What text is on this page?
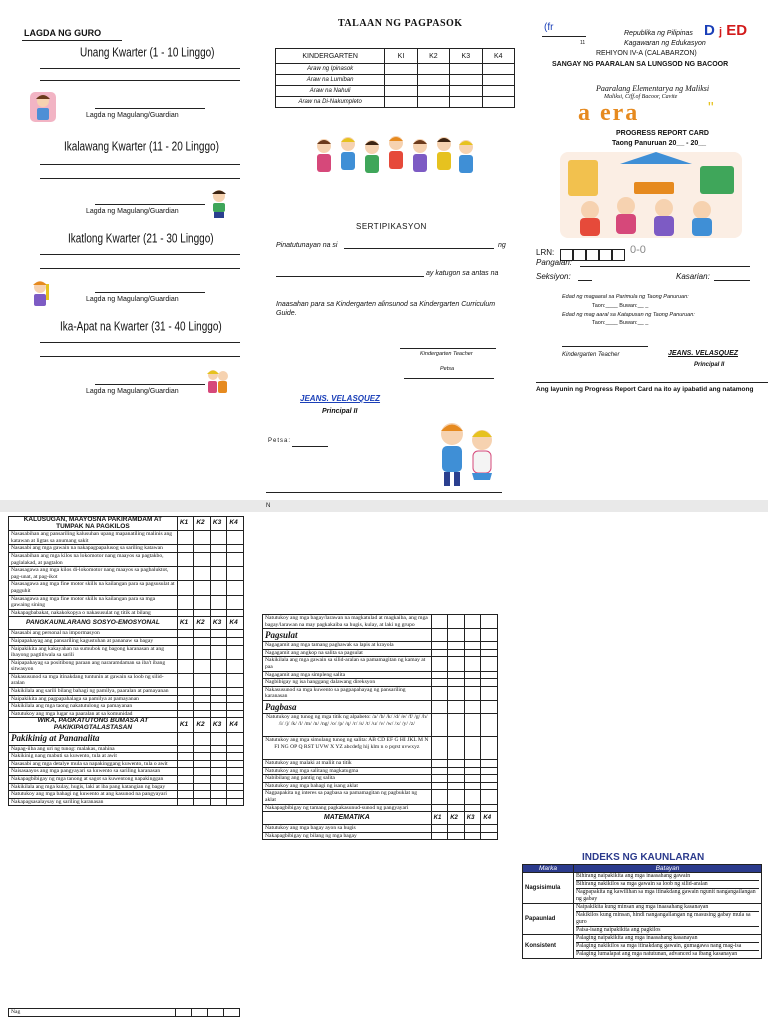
LAGDA NG GURO
Unang Kwarter (1 - 10 Linggo)
Lagda ng Magulang/Guardian
Ikalawang Kwarter (11 - 20 Linggo)
Lagda ng Magulang/Guardian
Ikatlong Kwarter (21 - 30 Linggo)
Lagda ng Magulang/Guardian
Ika-Apat na Kwarter (31 - 40 Linggo)
Lagda ng Magulang/Guardian
TALAAN NG PAGPASOK
KINDERGARTEN	KI	K2	K3	K4
Araw ng Ipinasok				
Araw na Lumiban				
Araw na Nahuli				
Araw na Di-Nakumpleto				
SERTIPIKASYON
Pinatutunayan na si	ng
ay katugon sa antas na
Inaasahan para sa Kindergarten alinsunod sa Kindergarten Curriculum Guide.
Kindergarten Teacher
Petsa
JEANS. VELASQUEZ
Principal II
Petsa:
N
(fr
11
Republika ng Pilipinas
Kagawaran ng Edukasyon
REHIYON IV-A (CALABARZON)
SANGAY NG PAARALAN SA LUNGSOD NG BACOOR
D j ED
Paaralang Elementarya ng Maliksi
Maliksi, Ciff.of Bacoor, Cavite
a era	"
PROGRESS REPORT CARD
Taong Panuruan 20__ - 20__
LRN:	0-0
Pangalan:
Seksiyon:	Kasarian:
Edad ng magaaral sa Parimula ng Taong Panuruan:
Taon:____ Buwan:__ _
Edad ng mag aaral sa Katapusan ng Taong Panuruan:
Taon:____ Buwan:__ _
Kindergarten Teacher	JEANS. VELASQUEZ
Principal II
Ang layunin ng Progress Report Card na ito ay ipabatid ang natamong
KALUSUGAN, MAAYOSNA PAKIRAMDAM AT TUMPAK NA PAGKILOS	K1	K2	K3	K4
Nasasabihan ang pansariling kalusuhan upang mapanatiling malinis ang katawan at ligtas sa anumang sakit				
Nasasabi ang mga gawain na nakapagpapalusog sa sariling katawan				
Nasasabihan ang mga kilos na lokomotor nang maayos sa pagtakbo, paglalakad, at pagtalon				
Nasasagawa ang mga kilos di-lokomotor nang maayos sa pagbaluktot, pag-unat, at pag-ikot				
Nasasagawa ang mga fine motor skills na kailangan para sa pagsusulat at pagguhit				
Nasasagawa ang mga fine motor skills na kailangan para sa mga gawaing sining				
Nakapagbabakat, nakakokopya o nakasusulat ng titik at bilang				
PANGKAUNLARANG SOSYO-EMOSYONAL	K1	K2	K3	K4
Nasasabi ang personal na impormasyon				
Naipapahayag ang pansariling kagustuhan at pananaw sa bagay				
Naipakikita ang kakayahan na sumubok ng bagong karanasan at ang ibayong pagtitiwala sa sarili				
Naipapahayag sa positibong paraan ang nararamdaman sa iba't ibang sitwasyon				
Nakasusunod sa mga itinakdang tuntunin at gawain sa loob ng silid-aralan				
Nakikilala ang sarili bilang bahagi ng pamilya, paaralan at pamayanan				
Naipakikita ang pagpapahalaga sa pamilya at pamayanan				
Nakikilala ang mga taong nakatutulong sa pamayanan				
Natutukoy ang mga lugar sa paaralan at sa komunidad				
WIKA, PAGKATUTONG BUMASA AT PAKIKIPAGTALASTASAN	K1	K2	K3	K4
Pakikinig at Pananalita				
Napag-iiba ang uri ng tunog: malakas, mahina				
Nakikinig nang mabuti sa kuwento, tula at awit				
Nasasabi ang mga detalye mula sa napakinggang kuwento, tula o awit				
Naisasaayos ang mga pangyayari sa kuwento sa sariling karanasan				
Nakapagbibigay ng mga tanong at sagot sa kuwentong napakinggan				
Nakikilala ang mga kulay, hugis, laki at iba pang katangian ng bagay				
Natutukoy ang mga bahagi ng kuwento at ang kasunod na pangyayari				
Nakapagsasalaysay ng sariling karanasan				
Nag				
Natutukoy ang mga bagay/larawan na magkatulad at magkaiba, ang mga bagay/larawan na may pagkakaiba sa hugis, kulay, at laki ng grupo				
Pagsulat				
Nagagamit ang mga tamang paghawak sa lapis at krayola				
Nagagamit ang angkop na salita sa pagsulat				
Nakikilala ang mga gawain sa silid-aralan sa pamamagitan ng kamay at paa				
Nagagamit ang mga simpleng salita				
Nagbibigay ng isa hanggang dalawang direksyon				
Nakasusunod sa mga kuwento sa pagpapahayag ng pansariling karanasan				
Pagbasa				
Natutukoy ang tunog ng mga titik ng alpabeto: /a/ /b/ /k/ /d/ /e/ /f/ /g/ /h/ /i/ /j/ /k/ /l/ /m/ /n/ /ng/ /o/ /p/ /q/ /r/ /s/ /t/ /u/ /v/ /w/ /x/ /y/ /z/				
Natutukoy ang mga simulang tunog ng salita: AB CD EF G HI JKL M N FI NG OP Q RST UVW X YZ abcdefg hij klm n o pqrst uvwxyz				
Natutukoy ang malaki at maliit na titik				
Natutukoy ang mga salitang magkatugma				
Nabibilang ang pantig ng salita				
Natutukoy ang mga bahagi ng isang aklat				
Nagpapakita ng interes sa pagbasa sa pamamagitan ng pagbuklat ng aklat				
Nakapagbibigay ng tamang pagkakasunud-sunod ng pangyayari				
MATEMATIKA	K1	K2	K3	K4
Natutukoy ang mga bagay ayon sa hugis				
Nakapagbibigay ng bilang ng mga bagay				
INDEKS NG KAUNLARAN
Marka	Batayan
Nagsisimula	Bihirang naipakikita ang mga inaasahang gawain
Bihirang nakikilos sa mga gawain sa loob ng silid-aralan
Nagpapakita ng kawilihan sa mga itinakdang gawain ngunit nangangailangan ng gabay

Papaunlad	Naipakikita kung minsan ang mga inaasahang kasanayan
Nakikilos kung minsan, hindi nangangailangan ng masusing gabay mula sa guro
Paisa-isang naipakikita ang pagkilos

Konsistent	Palaging naipakikita ang mga inaasahang kasanayan
Palaging nakikilos sa mga itinakdang gawain, gumagawa nang mag-isa
Palaging lumalapat ang mga natutunan, advanced sa ibang kasanayan
